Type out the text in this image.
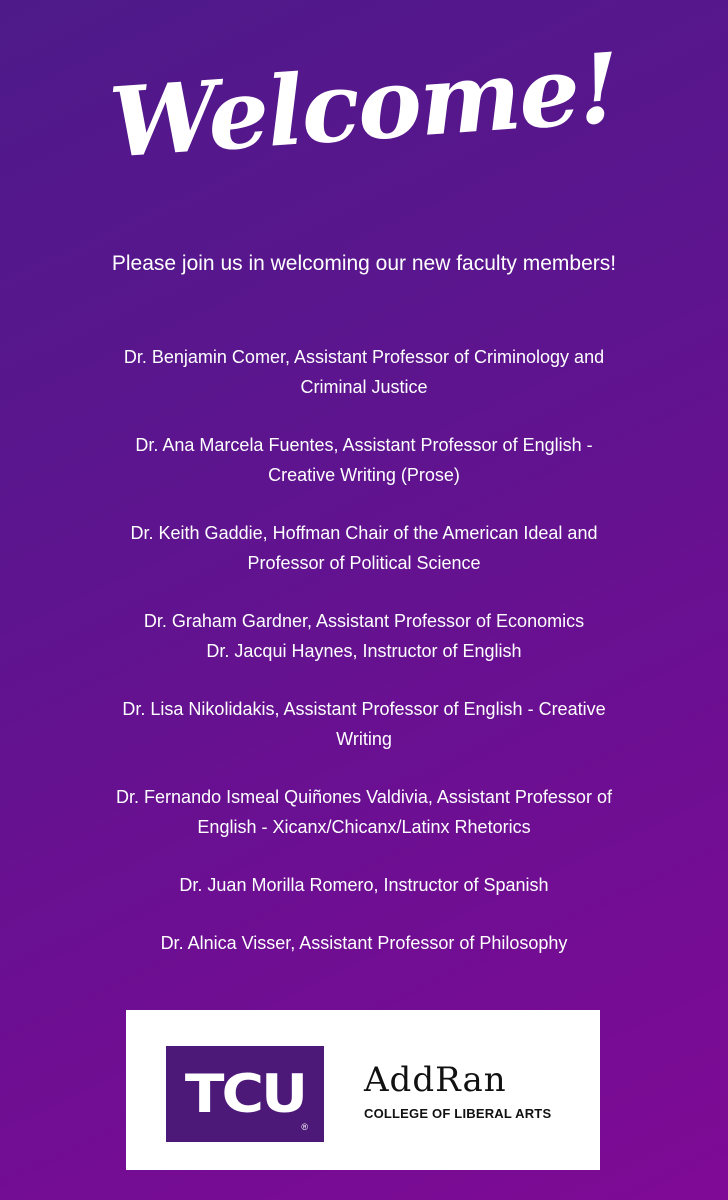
Welcome!
Please join us in welcoming our new faculty members!
Dr. Benjamin Comer, Assistant Professor of Criminology and
Criminal Justice
Dr. Ana Marcela Fuentes, Assistant Professor of English -
Creative Writing (Prose)
Dr. Keith Gaddie, Hoffman Chair of the American Ideal and
Professor of Political Science
Dr. Graham Gardner, Assistant Professor of Economics
Dr. Jacqui Haynes, Instructor of English
Dr. Lisa Nikolidakis, Assistant Professor of English - Creative
Writing
Dr. Fernando Ismeal Quiñones Valdivia, Assistant Professor of
English - Xicanx/Chicanx/Latinx Rhetorics
Dr. Juan Morilla Romero, Instructor of Spanish
Dr. Alnica Visser, Assistant Professor of Philosophy
TCU
®
AddRan
COLLEGE OF LIBERAL ARTS
